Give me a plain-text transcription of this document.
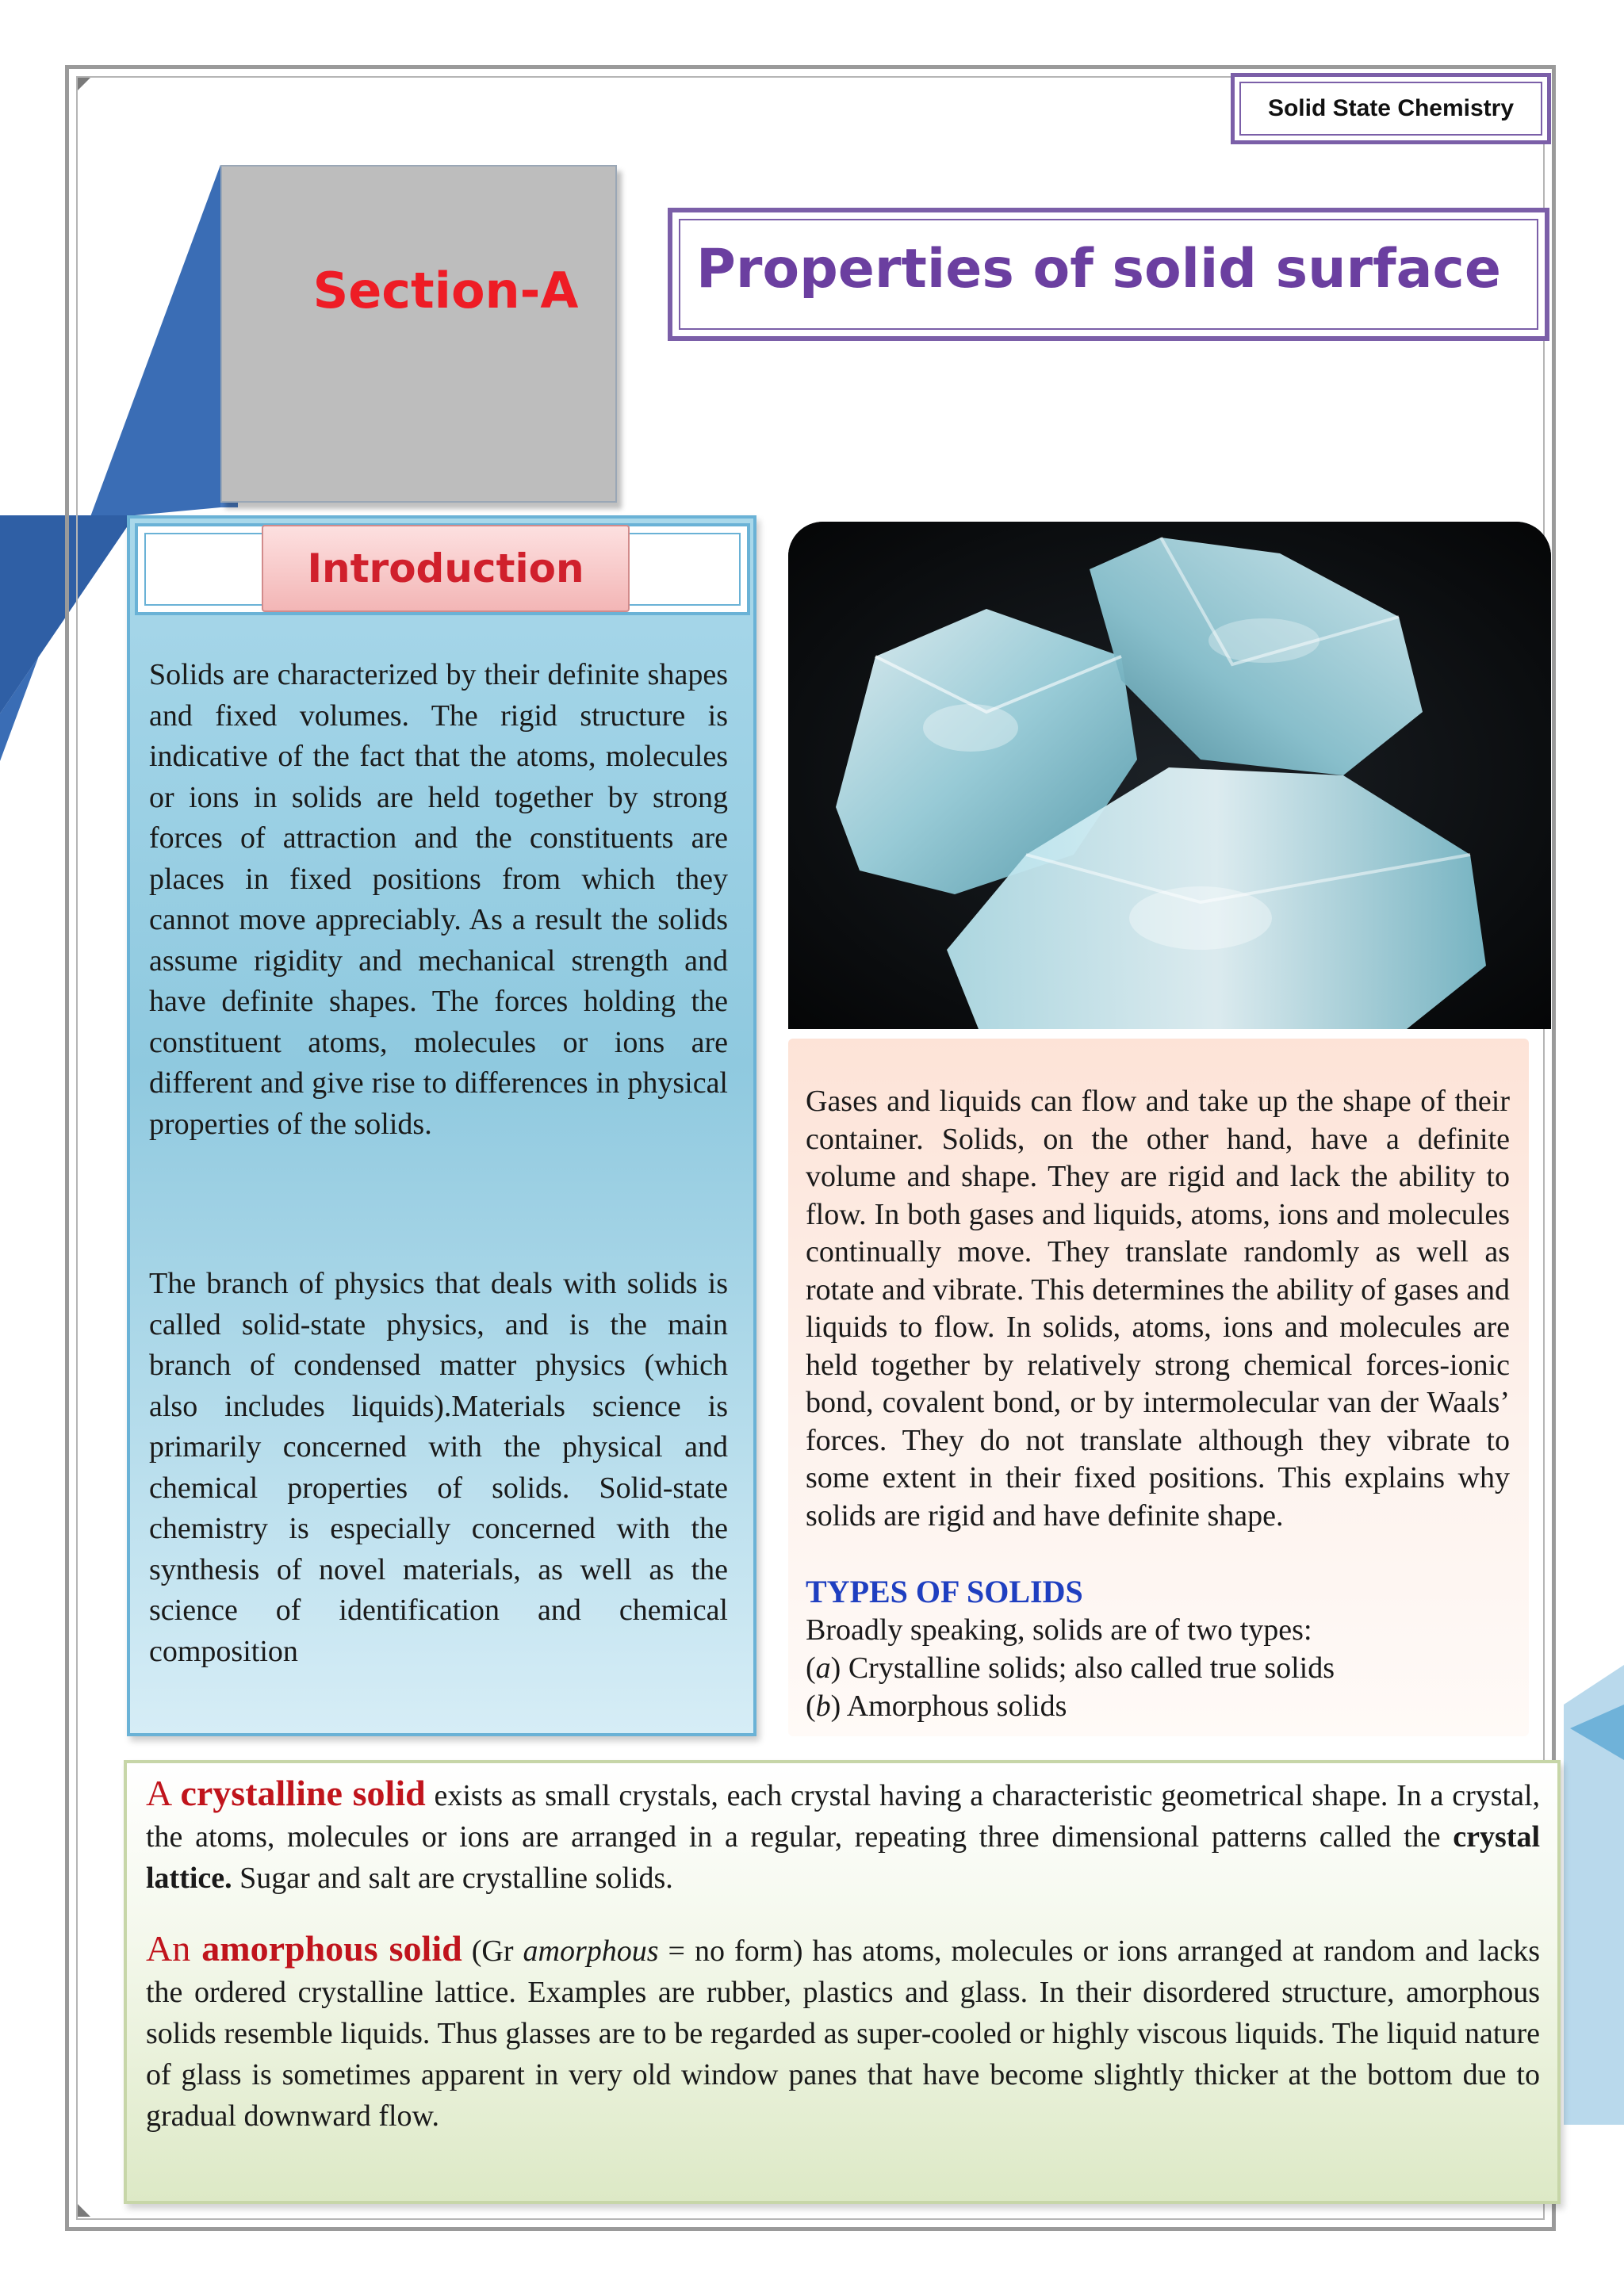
Solid State Chemistry
Section-A Properties of solid surface
Introduction

Solids are characterized by their definite shapes and fixed volumes. The rigid structure is indicative of the fact that the atoms, molecules or ions in solids are held together by strong forces of attraction and the constituents are places in fixed positions from which they cannot move appreciably. As a result the solids assume rigidity and mechanical strength and have definite shapes. The forces holding the constituent atoms, molecules or ions are different and give rise to differences in physical properties of the solids.

The branch of physics that deals with solids is called solid-state physics, and is the main branch of condensed matter physics (which also includes liquids).Materials science is primarily concerned with the physical and chemical properties of solids. Solid-state chemistry is especially concerned with the synthesis of novel materials, as well as the science of identification and chemical composition

Gases and liquids can flow and take up the shape of their container. Solids, on the other hand, have a definite volume and shape. They are rigid and lack the ability to flow. In both gases and liquids, atoms, ions and molecules continually move. They translate randomly as well as rotate and vibrate. This determines the ability of gases and liquids to flow. In solids, atoms, ions and molecules are held together by relatively strong chemical forces-ionic bond, covalent bond, or by intermolecular van der Waals’ forces. They do not translate although they vibrate to some extent in their fixed positions. This explains why solids are rigid and have definite shape.

TYPES OF SOLIDS
Broadly speaking, solids are of two types:
(a) Crystalline solids; also called true solids
(b) Amorphous solids

A crystalline solid exists as small crystals, each crystal having a characteristic geometrical shape. In a crystal, the atoms, molecules or ions are arranged in a regular, repeating three dimensional patterns called the crystal lattice. Sugar and salt are crystalline solids.

An amorphous solid (Gr amorphous = no form) has atoms, molecules or ions arranged at random and lacks the ordered crystalline lattice. Examples are rubber, plastics and glass. In their disordered structure, amorphous solids resemble liquids. Thus glasses are to be regarded as super-cooled or highly viscous liquids. The liquid nature of glass is sometimes apparent in very old window panes that have become slightly thicker at the bottom due to gradual downward flow.
